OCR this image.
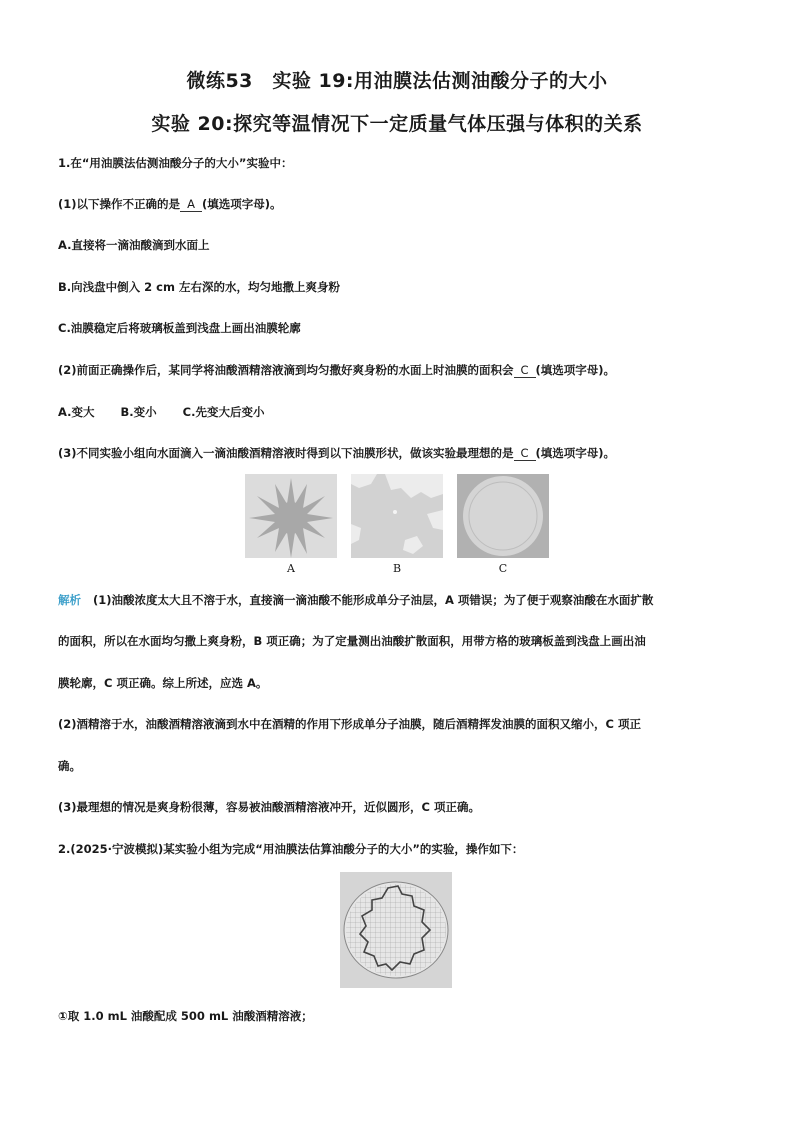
微练53　实验 19:用油膜法估测油酸分子的大小
实验 20:探究等温情况下一定质量气体压强与体积的关系
1.在“用油膜法估测油酸分子的大小”实验中：
(1)以下操作不正确的是 A (填选项字母)。
A.直接将一滴油酸滴到水面上
B.向浅盘中倒入 2 cm 左右深的水，均匀地撒上爽身粉
C.油膜稳定后将玻璃板盖到浅盘上画出油膜轮廓
(2)前面正确操作后，某同学将油酸酒精溶液滴到均匀撒好爽身粉的水面上时油膜的面积会 C (填选项字母)。
A.变大 B.变小 C.先变大后变小
(3)不同实验小组向水面滴入一滴油酸酒精溶液时得到以下油膜形状，做该实验最理想的是 C (填选项字母)。
A	B	C
解析 (1)油酸浓度太大且不溶于水，直接滴一滴油酸不能形成单分子油层，A 项错误；为了便于观察油酸在水面扩散
的面积，所以在水面均匀撒上爽身粉，B 项正确；为了定量测出油酸扩散面积，用带方格的玻璃板盖到浅盘上画出油
膜轮廓，C 项正确。综上所述，应选 A。
(2)酒精溶于水，油酸酒精溶液滴到水中在酒精的作用下形成单分子油膜，随后酒精挥发油膜的面积又缩小，C 项正
确。
(3)最理想的情况是爽身粉很薄，容易被油酸酒精溶液冲开，近似圆形，C 项正确。
2.(2025·宁波模拟)某实验小组为完成“用油膜法估算油酸分子的大小”的实验，操作如下：
①取 1.0 mL 油酸配成 500 mL 油酸酒精溶液；
